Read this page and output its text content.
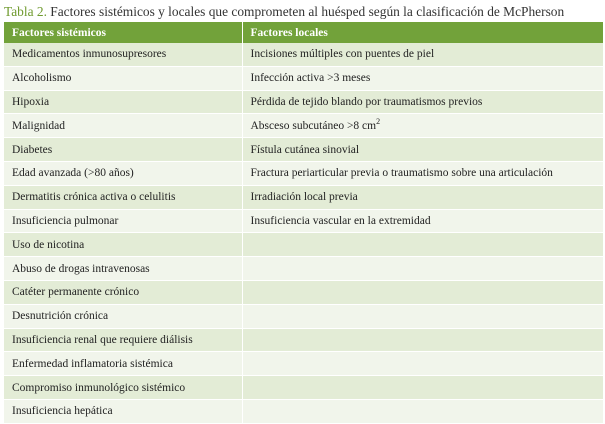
Tabla 2. Factores sistémicos y locales que comprometen al huésped según la clasificación de McPherson
Factores sistémicos	Factores locales
Medicamentos inmunosupresores	Incisiones múltiples con puentes de piel
Alcoholismo	Infección activa >3 meses
Hipoxia	Pérdida de tejido blando por traumatismos previos
Malignidad	Absceso subcutáneo >8 $cm^2$
Diabetes	Fístula cutánea sinovial
Edad avanzada (>80 años)	Fractura periarticular previa o traumatismo sobre una articulación
Dermatitis crónica activa o celulitis	Irradiación local previa
Insuficiencia pulmonar	Insuficiencia vascular en la extremidad
Uso de nicotina	
Abuso de drogas intravenosas	
Catéter permanente crónico	
Desnutrición crónica	
Insuficiencia renal que requiere diálisis	
Enfermedad inflamatoria sistémica	
Compromiso inmunológico sistémico	
Insuficiencia hepática	
